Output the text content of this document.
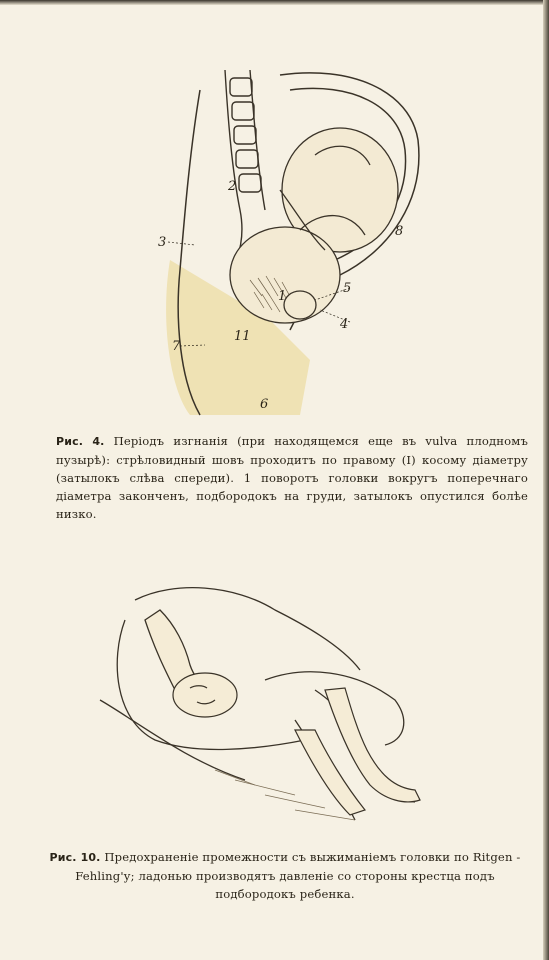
1
2
3
4
5
6
7
8
11
Рис. 4. Періодъ изгнанія (при находящемся еще въ vulva плодномъ пузырѣ): стрѣловидный шовъ проходитъ по правому (I) косому діаметру (затылокъ слѣва спереди). 1 поворотъ головки вокругъ поперечнаго діаметра законченъ, подбородокъ на груди, затылокъ опустился болѣе низко.
Рис. 10. Предохраненіе промежности съ выжиманіемъ головки по Ritgen - Fehling'у; ладонью производятъ давленіе со стороны крестца подъ подбородокъ ребенка.
